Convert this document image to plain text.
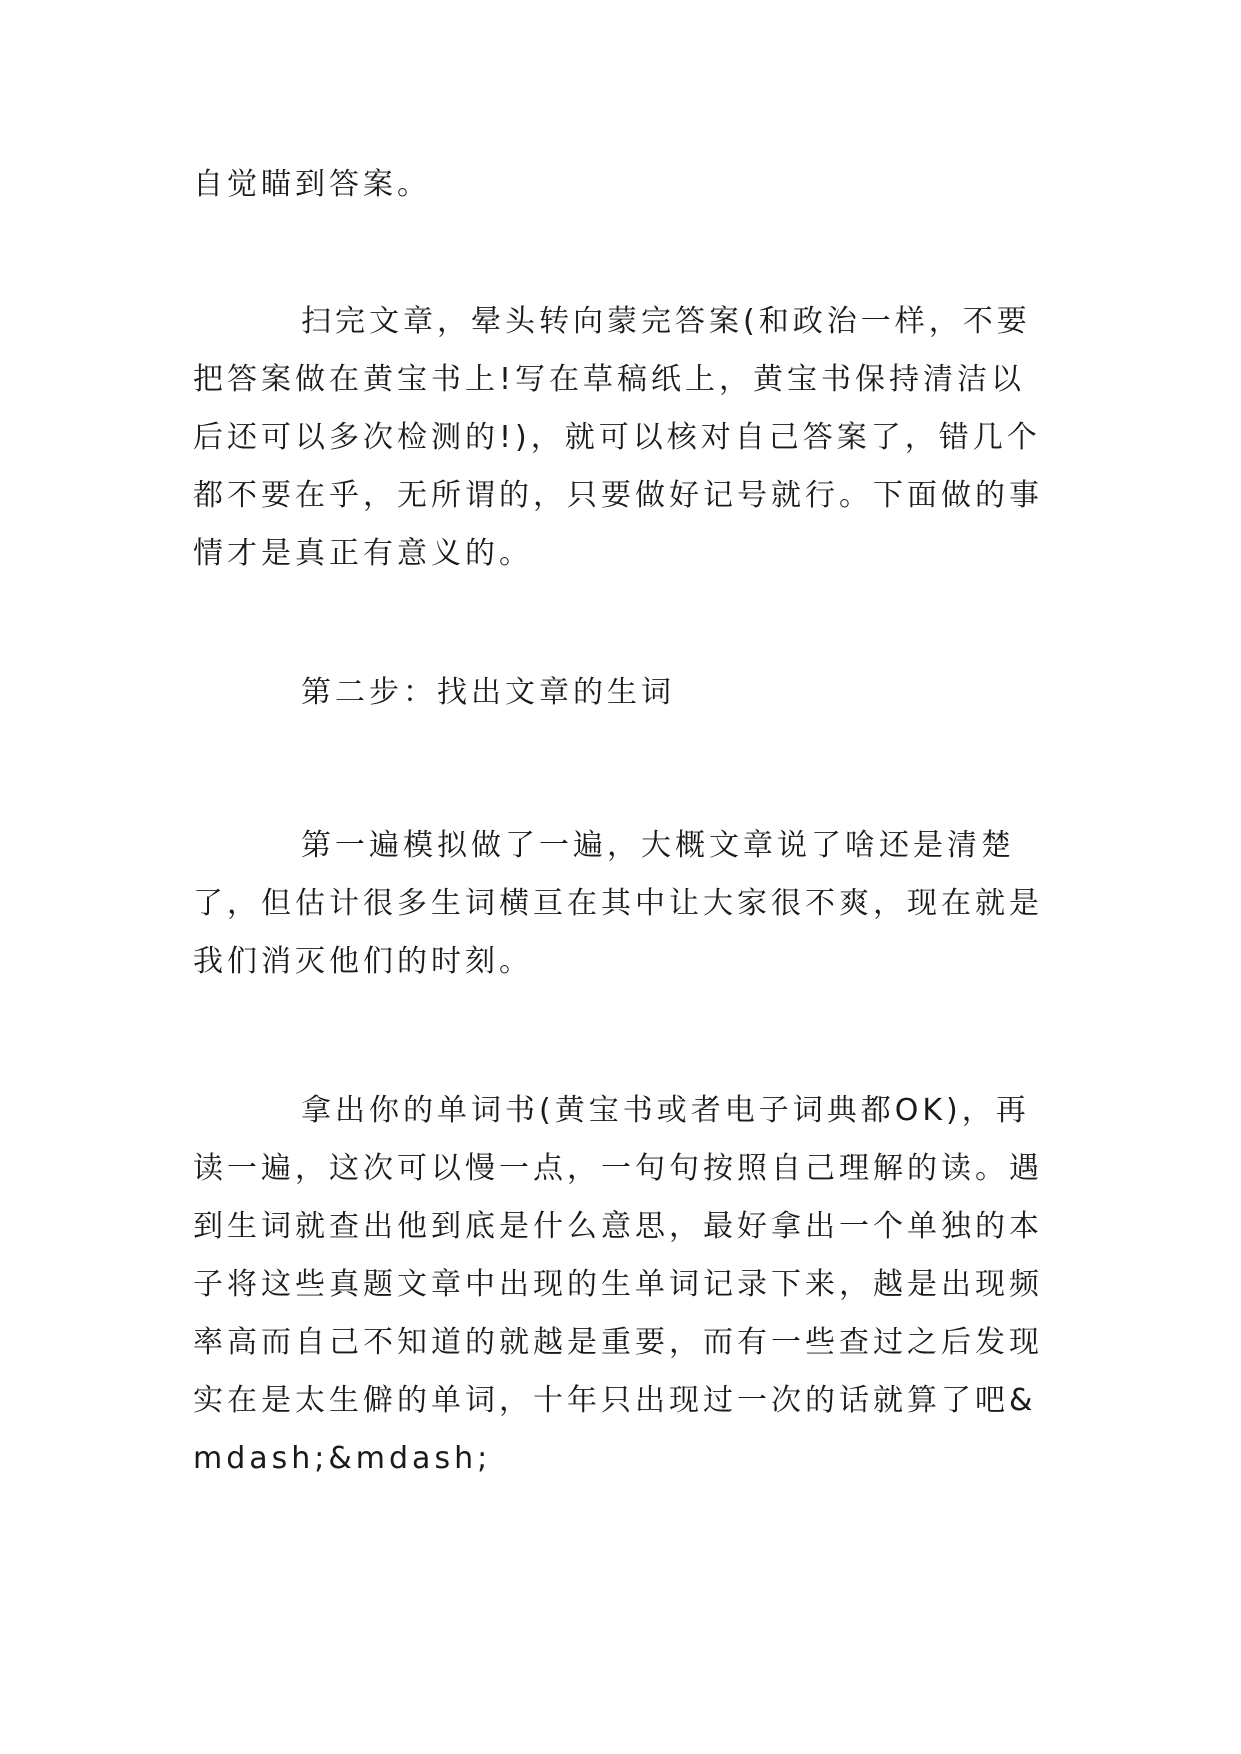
自觉瞄到答案。

扫完文章，晕头转向蒙完答案(和政治一样，不要把答案做在黄宝书上!写在草稿纸上，黄宝书保持清洁以后还可以多次检测的!)，就可以核对自己答案了，错几个都不要在乎，无所谓的，只要做好记号就行。下面做的事情才是真正有意义的。

第二步：找出文章的生词

第一遍模拟做了一遍，大概文章说了啥还是清楚了，但估计很多生词横亘在其中让大家很不爽，现在就是我们消灭他们的时刻。

拿出你的单词书(黄宝书或者电子词典都OK)，再读一遍，这次可以慢一点，一句句按照自己理解的读。遇到生词就查出他到底是什么意思，最好拿出一个单独的本子将这些真题文章中出现的生单词记录下来，越是出现频率高而自己不知道的就越是重要，而有一些查过之后发现实在是太生僻的单词，十年只出现过一次的话就算了吧&mdash;&mdash;
